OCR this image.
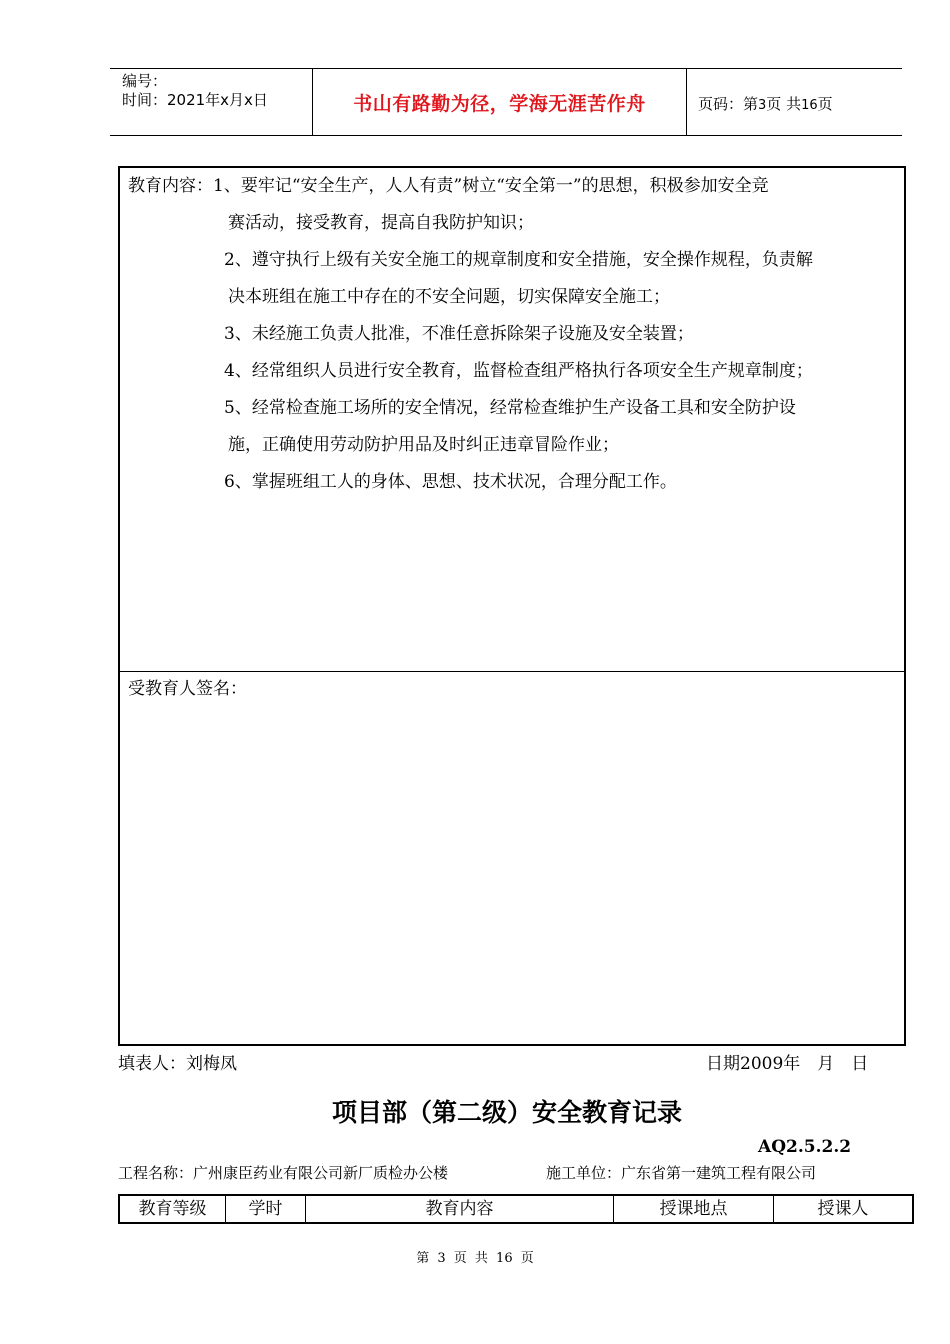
编号：
时间：2021年x月x日	书山有路勤为径，学海无涯苦作舟	页码：第3页 共16页
教育内容：1、要牢记“安全生产，人人有责”树立“安全第一”的思想，积极参加安全竞
赛活动，接受教育，提高自我防护知识；
2、遵守执行上级有关安全施工的规章制度和安全措施，安全操作规程，负责解
决本班组在施工中存在的不安全问题，切实保障安全施工；
3、未经施工负责人批准，不准任意拆除架子设施及安全装置；
4、经常组织人员进行安全教育，监督检查组严格执行各项安全生产规章制度；
5、经常检查施工场所的安全情况，经常检查维护生产设备工具和安全防护设
施，正确使用劳动防护用品及时纠正违章冒险作业；
6、掌握班组工人的身体、思想、技术状况，合理分配工作。
受教育人签名：
填表人：刘梅凤	日期2009年　月　日
项目部（第二级）安全教育记录
AQ2.5.2.2
工程名称：广州康臣药业有限公司新厂质检办公楼	施工单位：广东省第一建筑工程有限公司
教育等级	学时	教育内容	授课地点	授课人
第 3 页 共 16 页
